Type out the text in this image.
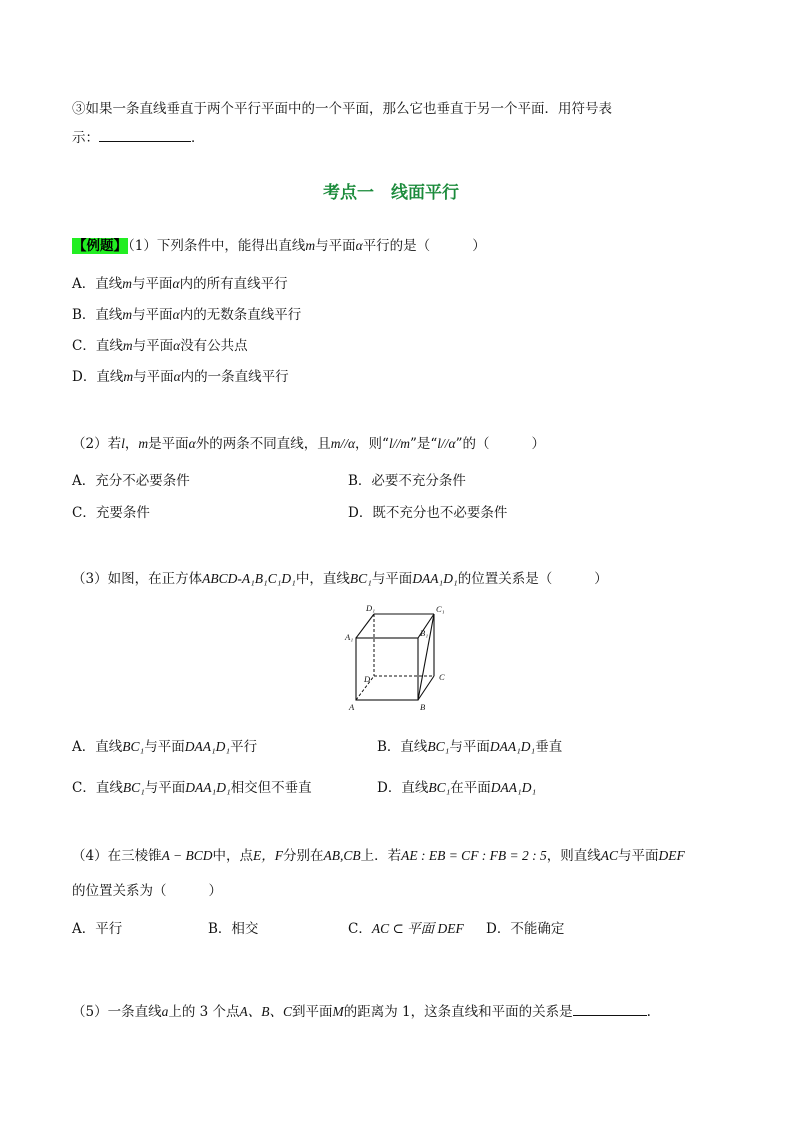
③如果一条直线垂直于两个平行平面中的一个平面，那么它也垂直于另一个平面．用符号表
示：	．
考点一　线面平行
【例题】（1）下列条件中，能得出直线m与平面α平行的是（	）
A．直线m与平面α内的所有直线平行
B．直线m与平面α内的无数条直线平行
C．直线m与平面α没有公共点
D．直线m与平面α内的一条直线平行
（2）若l，m是平面α外的两条不同直线，且m//α，则“l//m”是“l//α”的（	）
A．充分不必要条件	B．必要不充分条件
C．充要条件	D．既不充分也不必要条件
（3）如图，在正方体ABCD-A₁B₁C₁D₁中，直线BC₁与平面DAA₁D₁的位置关系是（	）
D₁	C₁
A₁	B₁
D	C
A	B
A．直线BC₁与平面DAA₁D₁平行	B．直线BC₁与平面DAA₁D₁垂直
C．直线BC₁与平面DAA₁D₁相交但不垂直	D．直线BC₁在平面DAA₁D₁
（4）在三棱锥A − BCD中，点E，F分别在AB,CB上．若AE : EB = CF : FB = 2 : 5，则直线AC与平面DEF
的位置关系为（	）
A．平行	B．相交	C．AC ⊂ 平面 DEF D．不能确定
（5）一条直线a上的 3 个点A、B、C到平面M的距离为 1，这条直线和平面的关系是	.
